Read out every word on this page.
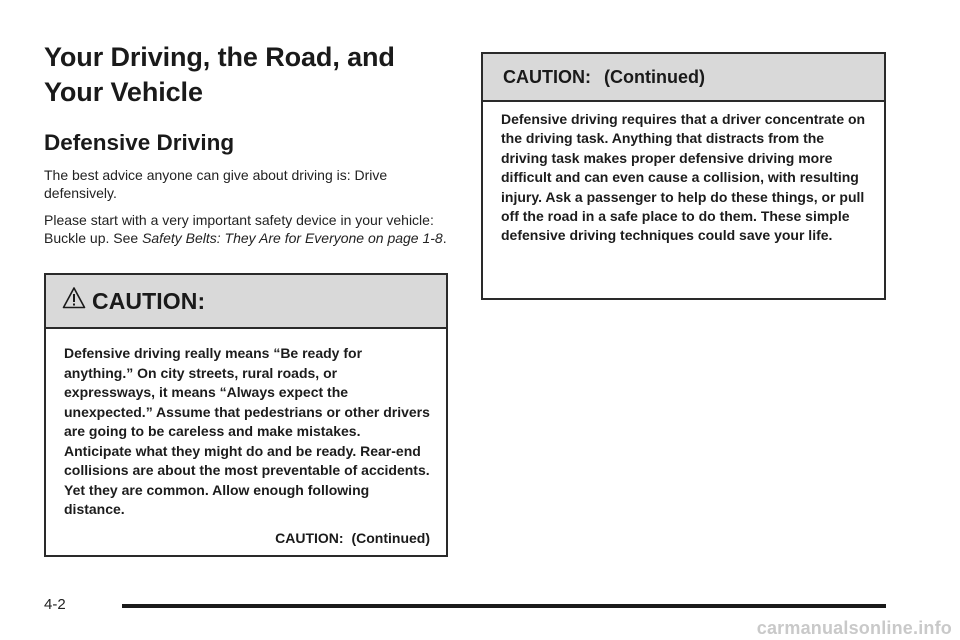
Your Driving, the Road, and Your Vehicle
Defensive Driving

The best advice anyone can give about driving is: Drive defensively.

Please start with a very important safety device in your vehicle: Buckle up. See Safety Belts: They Are for Everyone on page 1-8.

CAUTION:
Defensive driving really means “Be ready for anything.” On city streets, rural roads, or expressways, it means “Always expect the unexpected.” Assume that pedestrians or other drivers are going to be careless and make mistakes. Anticipate what they might do and be ready. Rear-end collisions are about the most preventable of accidents. Yet they are common. Allow enough following distance.
CAUTION: (Continued)
CAUTION: (Continued)
Defensive driving requires that a driver concentrate on the driving task. Anything that distracts from the driving task makes proper defensive driving more difficult and can even cause a collision, with resulting injury. Ask a passenger to help do these things, or pull off the road in a safe place to do them. These simple defensive driving techniques could save your life.
4-2
carmanualsonline.info
